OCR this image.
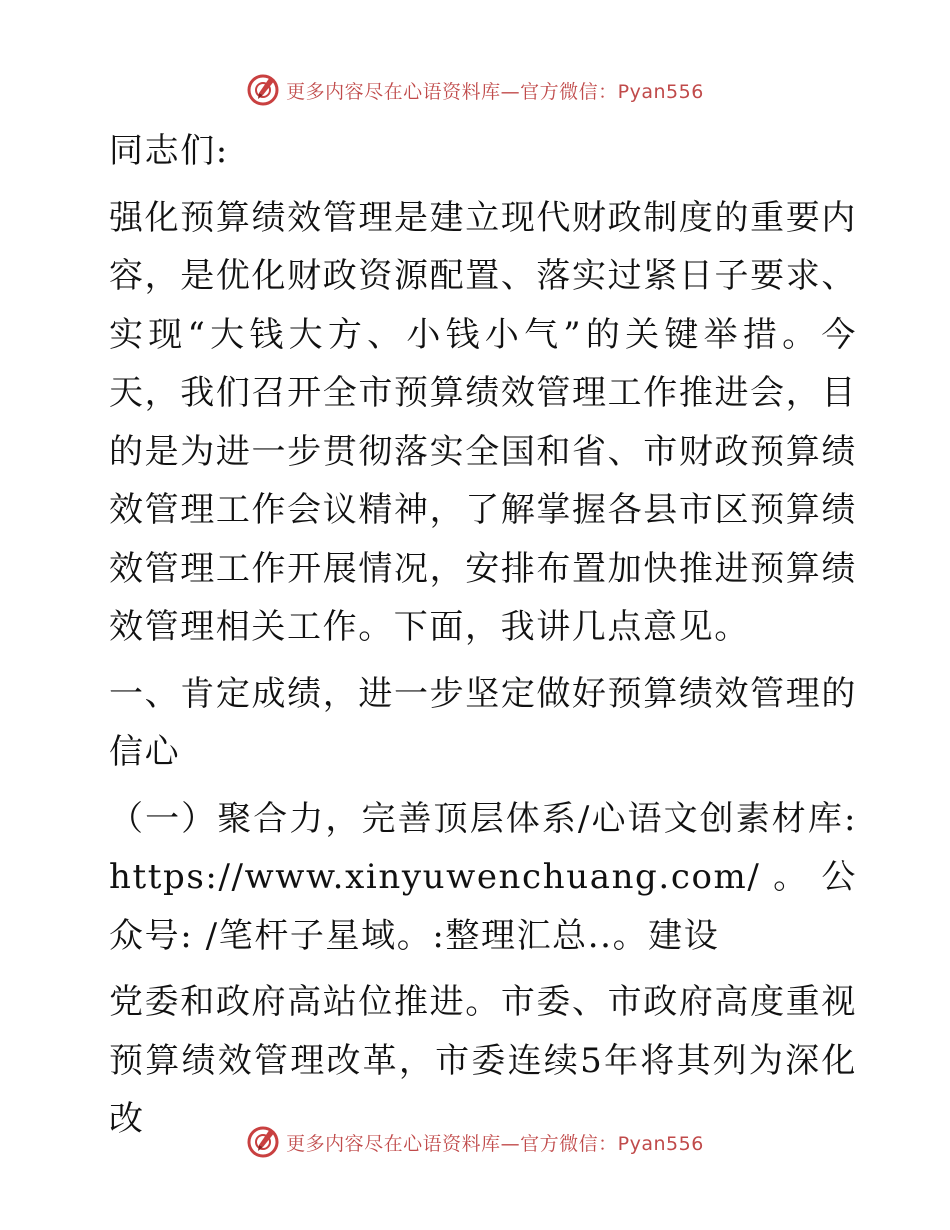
更多内容尽在心语资料库—官方微信：Pyan556

同志们:

强化预算绩效管理是建立现代财政制度的重要内容，是优化财政资源配置、落实过紧日子要求、实现“大钱大方、小钱小气”的关键举措。今天，我们召开全市预算绩效管理工作推进会，目的是为进一步贯彻落实全国和省、市财政预算绩效管理工作会议精神，了解掌握各县市区预算绩效管理工作开展情况，安排布置加快推进预算绩效管理相关工作。下面，我讲几点意见。

一、肯定成绩，进一步坚定做好预算绩效管理的信心

（一）聚合力，完善顶层体系/心语文创素材库: https://www.xinyuwenchuang.com/。公众号: /笔杆子星域。:整理汇总..。建设

党委和政府高站位推进。市委、市政府高度重视预算绩效管理改革，市委连续5年将其列为深化改

更多内容尽在心语资料库—官方微信：Pyan556
